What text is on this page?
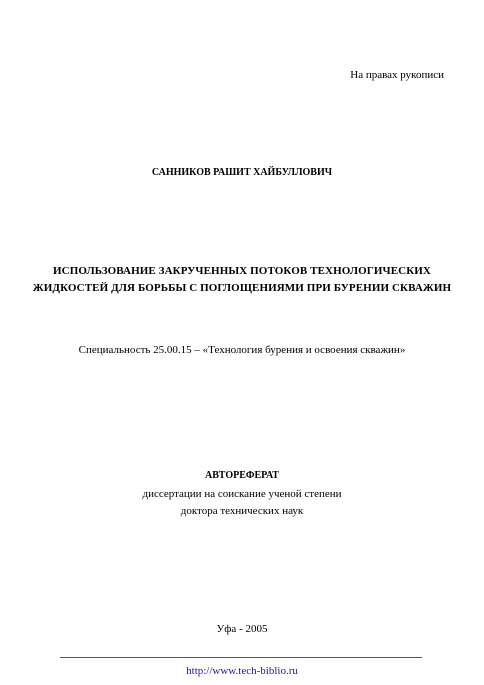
На правах рукописи
САННИКОВ РАШИТ ХАЙБУЛЛОВИЧ
ИСПОЛЬЗОВАНИЕ ЗАКРУЧЕННЫХ ПОТОКОВ ТЕХНОЛОГИЧЕСКИХ
ЖИДКОСТЕЙ ДЛЯ БОРЬБЫ С ПОГЛОЩЕНИЯМИ ПРИ БУРЕНИИ СКВАЖИН
Специальность 25.00.15 – «Технология бурения и освоения скважин»
АВТОРЕФЕРАТ
диссертации на соискание ученой степени
доктора технических наук
Уфа - 2005
http://www.tech-biblio.ru
